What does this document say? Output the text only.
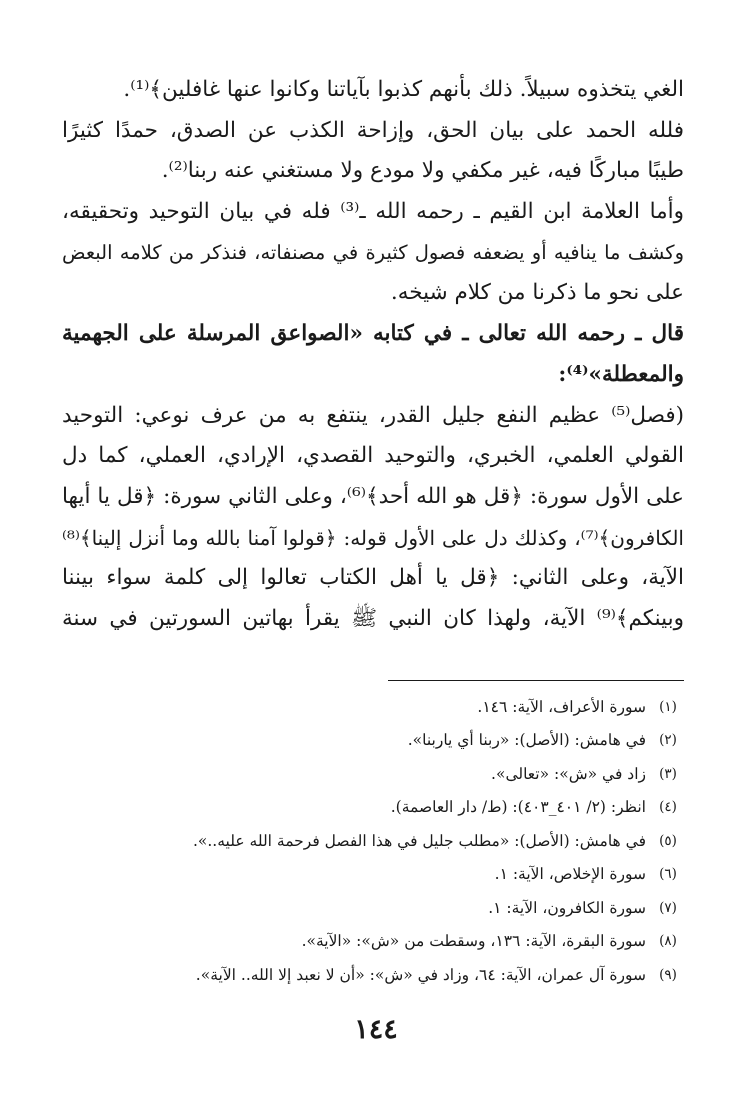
الغي يتخذوه سبيلاً. ذلك بأنهم كذبوا بآياتنا وكانوا عنها غافلين﴾⁽¹⁾.
فلله الحمد على بيان الحق، وإزاحة الكذب عن الصدق، حمدًا كثيرًا
طيبًا مباركًا فيه، غير مكفي ولا مودع ولا مستغني عنه ربنا⁽²⁾.
وأما العلامة ابن القيم ـ رحمه الله ـ⁽³⁾ فله في بيان التوحيد وتحقيقه،
وكشف ما ينافيه أو يضعفه فصول كثيرة في مصنفاته، فنذكر من كلامه البعض
على نحو ما ذكرنا من كلام شيخه.
قال ـ رحمه الله تعالى ـ في كتابه «الصواعق المرسلة على الجهمية
والمعطلة»⁽⁴⁾:
(فصل⁽⁵⁾ عظيم النفع جليل القدر، ينتفع به من عرف نوعي: التوحيد
القولي العلمي، الخبري، والتوحيد القصدي، الإرادي، العملي، كما دل
على الأول سورة: ﴿قل هو الله أحد﴾⁽⁶⁾، وعلى الثاني سورة: ﴿قل يا أيها
الكافرون﴾⁽⁷⁾، وكذلك دل على الأول قوله: ﴿قولوا آمنا بالله وما أنزل إلينا﴾⁽⁸⁾
الآية، وعلى الثاني: ﴿قل يا أهل الكتاب تعالوا إلى كلمة سواء بيننا
وبينكم﴾⁽⁹⁾ الآية، ولهذا كان النبي ﷺ يقرأ بهاتين السورتين في سنة
(١)
سورة الأعراف، الآية: ١٤٦.
(٢)
في هامش: (الأصل): «ربنا أي ياربنا».
(٣)
زاد في «ش»: «تعالى».
(٤)
انظر: (٢/ ٤٠١_٤٠٣): (ط/ دار العاصمة).
(٥)
في هامش: (الأصل): «مطلب جليل في هذا الفصل فرحمة الله عليه..».
(٦)
سورة الإخلاص، الآية: ١.
(٧)
سورة الكافرون، الآية: ١.
(٨)
سورة البقرة، الآية: ١٣٦، وسقطت من «ش»: «الآية».
(٩)
سورة آل عمران، الآية: ٦٤، وزاد في «ش»: «أن لا نعبد إلا الله.. الآية».
١٤٤
